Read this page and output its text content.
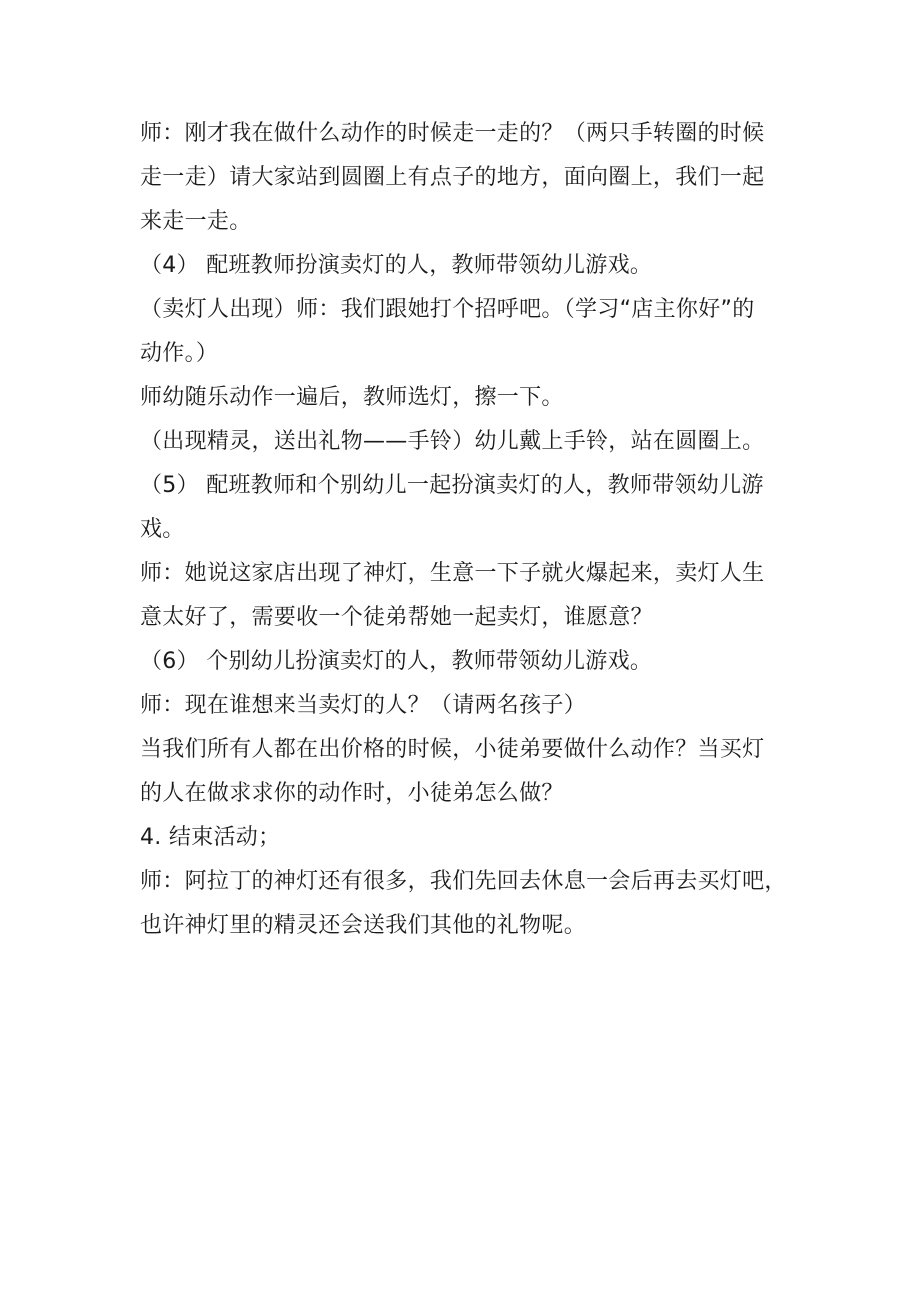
师：刚才我在做什么动作的时候走一走的？（两只手转圈的时候
走一走）请大家站到圆圈上有点子的地方，面向圈上，我们一起
来走一走。

（4） 配班教师扮演卖灯的人，教师带领幼儿游戏。

（卖灯人出现）师：我们跟她打个招呼吧。（学习“店主你好”的
动作。）

师幼随乐动作一遍后，教师选灯，擦一下。

（出现精灵，送出礼物——手铃）幼儿戴上手铃，站在圆圈上。

（5） 配班教师和个别幼儿一起扮演卖灯的人，教师带领幼儿游
戏。

师：她说这家店出现了神灯，生意一下子就火爆起来，卖灯人生
意太好了，需要收一个徒弟帮她一起卖灯，谁愿意？

（6） 个别幼儿扮演卖灯的人，教师带领幼儿游戏。

师：现在谁想来当卖灯的人？（请两名孩子）

当我们所有人都在出价格的时候，小徒弟要做什么动作？当买灯
的人在做求求你的动作时，小徒弟怎么做？

4. 结束活动；

师：阿拉丁的神灯还有很多，我们先回去休息一会后再去买灯吧，
也许神灯里的精灵还会送我们其他的礼物呢。
